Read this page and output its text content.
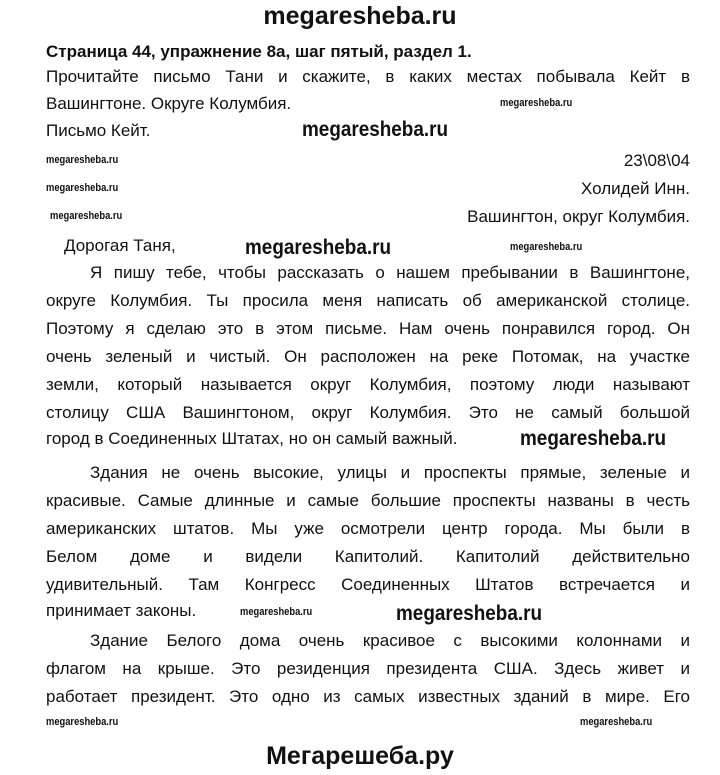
megaresheba.ru
Страница 44, упражнение 8а, шаг пятый, раздел 1.
Прочитайте письмо Тани и скажите, в каких местах побывала Кейт в
Вашингтоне. Округе Колумбия.
Письмо Кейт.
23\08\04
Холидей Инн.
Вашингтон, округ Колумбия.
Дорогая Таня,
Я пишу тебе, чтобы рассказать о нашем пребывании в Вашингтоне,
округе Колумбия. Ты просила меня написать об американской столице.
Поэтому я сделаю это в этом письме. Нам очень понравился город. Он
очень зеленый и чистый. Он расположен на реке Потомак, на участке
земли, который называется округ Колумбия, поэтому люди называют
столицу США Вашингтоном, округ Колумбия. Это не самый большой
город в Соединенных Штатах, но он самый важный.
Здания не очень высокие, улицы и проспекты прямые, зеленые и
красивые. Самые длинные и самые большие проспекты названы в честь
американских штатов. Мы уже осмотрели центр города. Мы были в
Белом доме и видели Капитолий. Капитолий действительно
удивительный. Там Конгресс Соединенных Штатов встречается и
принимает законы.
Здание Белого дома очень красивое с высокими колоннами и
флагом на крыше. Это резиденция президента США. Здесь живет и
работает президент. Это одно из самых известных зданий в мире. Его
megaresheba.ru
megaresheba.ru
megaresheba.ru
megaresheba.ru
megaresheba.ru
megaresheba.ru	megaresheba.ru
megaresheba.ru
megaresheba.ru	megaresheba.ru
megaresheba.ru	megaresheba.ru
Мегарешеба.ру
